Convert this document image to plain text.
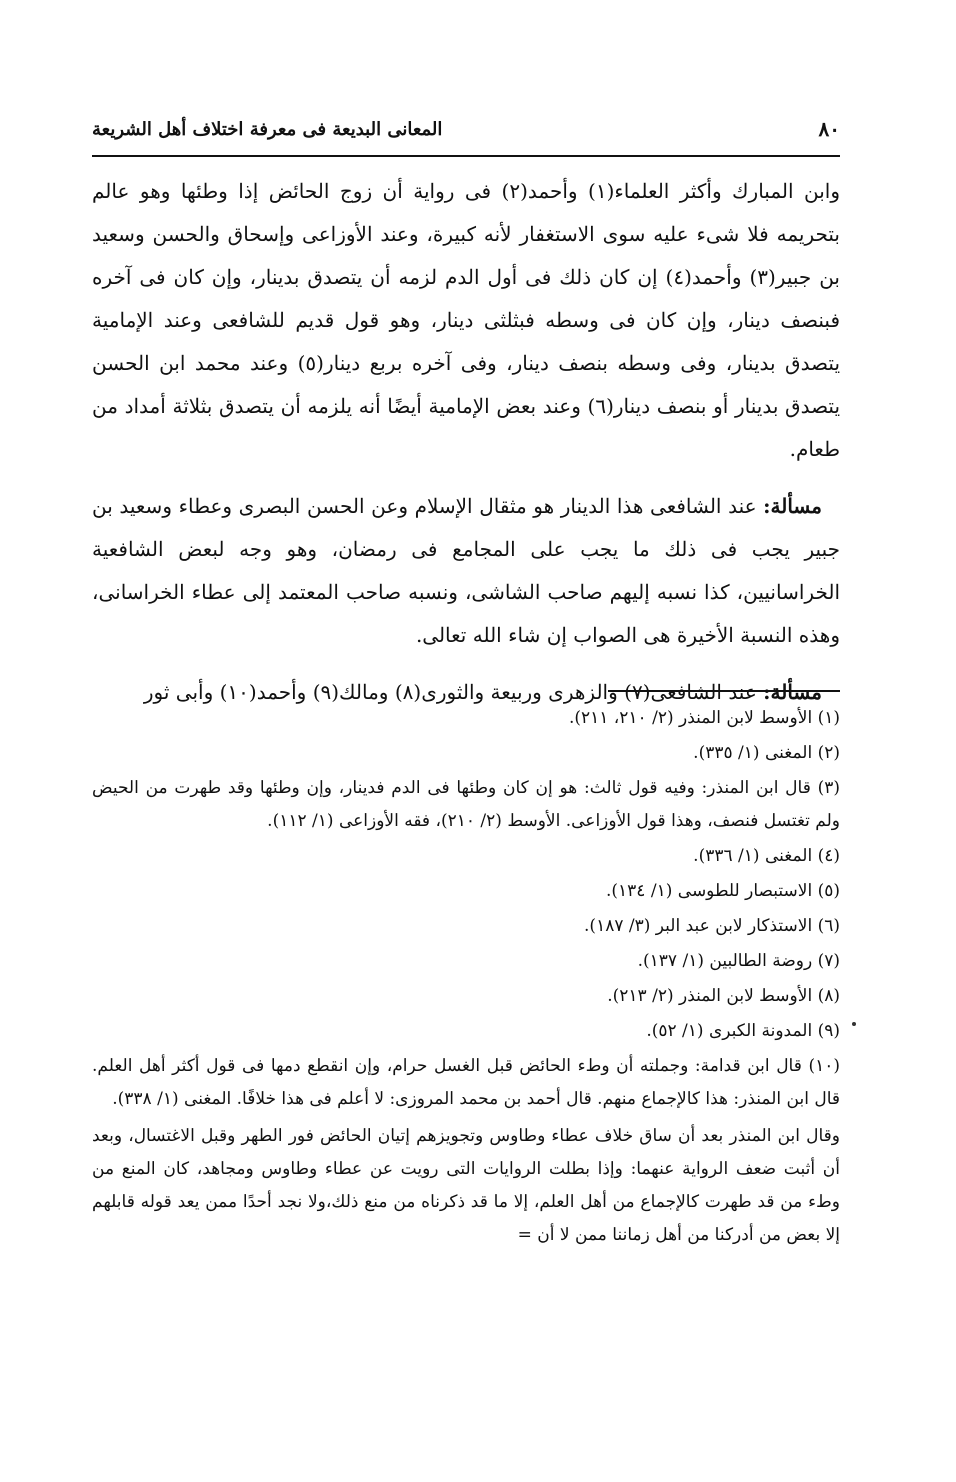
المعانى البديعة فى معرفة اختلاف أهل الشريعة	٨٠

وابن المبارك وأكثر العلماء(١) وأحمد(٢) فى رواية أن زوج الحائض إذا وطئها وهو عالم بتحريمه فلا شىء عليه سوى الاستغفار لأنه كبيرة، وعند الأوزاعى وإسحاق والحسن وسعيد بن جبير(٣) وأحمد(٤) إن كان ذلك فى أول الدم لزمه أن يتصدق بدينار، وإن كان فى آخره فبنصف دينار، وإن كان فى وسطه فبثلثى دينار، وهو قول قديم للشافعى وعند الإمامية يتصدق بدينار، وفى وسطه بنصف دينار، وفى آخره بربع دينار(٥) وعند محمد ابن الحسن يتصدق بدينار أو بنصف دينار(٦) وعند بعض الإمامية أيضًا أنه يلزمه أن يتصدق بثلاثة أمداد من طعام.

مسألة: عند الشافعى هذا الدينار هو مثقال الإسلام وعن الحسن البصرى وعطاء وسعيد بن جبير يجب فى ذلك ما يجب على المجامع فى رمضان، وهو وجه لبعض الشافعية الخراسانيين، كذا نسبه إليهم صاحب الشاشى، ونسبه صاحب المعتمد إلى عطاء الخراسانى، وهذه النسبة الأخيرة هى الصواب إن شاء الله تعالى.

مسألة: عند الشافعى(٧) والزهرى وربيعة والثورى(٨) ومالك(٩) وأحمد(١٠) وأبى ثور

(١) الأوسط لابن المنذر (٢/ ٢١٠، ٢١١).
(٢) المغنى (١/ ٣٣٥).
(٣) قال ابن المنذر: وفيه قول ثالث: هو إن كان وطئها فى الدم فدينار، وإن وطئها وقد طهرت من الحيض ولم تغتسل فنصف، وهذا قول الأوزاعى. الأوسط (٢/ ٢١٠)، فقه الأوزاعى (١/ ١١٢).
(٤) المغنى (١/ ٣٣٦).
(٥) الاستبصار للطوسى (١/ ١٣٤).
(٦) الاستذكار لابن عبد البر (٣/ ١٨٧).
(٧) روضة الطالبين (١/ ١٣٧).
(٨) الأوسط لابن المنذر (٢/ ٢١٣).
(٩) المدونة الكبرى (١/ ٥٢).
(١٠) قال ابن قدامة: وجملته أن وطء الحائض قبل الغسل حرام، وإن انقطع دمها فى قول أكثر أهل العلم. قال ابن المنذر: هذا كالإجماع منهم. قال أحمد بن محمد المروزى: لا أعلم فى هذا خلافًا. المغنى (١/ ٣٣٨).
وقال ابن المنذر بعد أن ساق خلاف عطاء وطاوس وتجويزهم إتيان الحائض فور الطهر وقبل الاغتسال، وبعد أن أثبت ضعف الرواية عنهما: وإذا بطلت الروايات التى رويت عن عطاء وطاوس ومجاهد، كان المنع من وطء من قد طهرت كالإجماع من أهل العلم، إلا ما قد ذكرناه من منع ذلك،ولا نجد أحدًا ممن يعد قوله قابلهم إلا بعض من أدركنا من أهل زماننا ممن لا أن =
